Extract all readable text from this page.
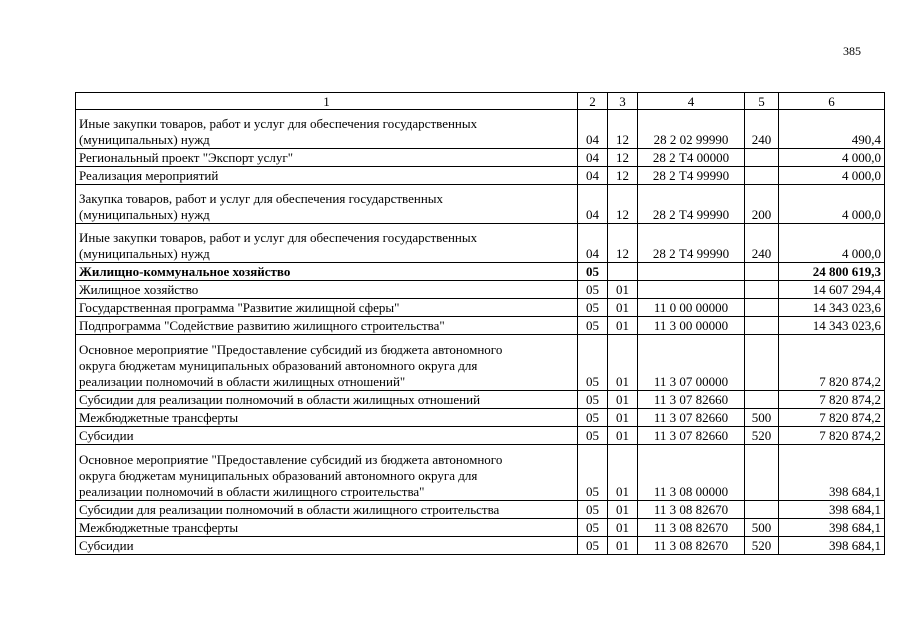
385
1	2	3	4	5	6
Иные закупки товаров, работ и услуг для обеспечения государственных
(муниципальных) нужд	04	12	28 2 02 99990	240	490,4
Региональный проект "Экспорт услуг"	04	12	28 2 Т4 00000		4 000,0
Реализация мероприятий	04	12	28 2 Т4 99990		4 000,0
Закупка товаров, работ и услуг для обеспечения государственных
(муниципальных) нужд	04	12	28 2 Т4 99990	200	4 000,0
Иные закупки товаров, работ и услуг для обеспечения государственных
(муниципальных) нужд	04	12	28 2 Т4 99990	240	4 000,0
Жилищно-коммунальное хозяйство	05				24 800 619,3
Жилищное хозяйство	05	01			14 607 294,4
Государственная программа "Развитие жилищной сферы"	05	01	11 0 00 00000		14 343 023,6
Подпрограмма "Содействие развитию жилищного строительства"	05	01	11 3 00 00000		14 343 023,6
Основное мероприятие "Предоставление субсидий из бюджета автономного
округа бюджетам муниципальных образований автономного округа для
реализации полномочий в области жилищных отношений"	05	01	11 3 07 00000		7 820 874,2
Субсидии для реализации полномочий в области жилищных отношений	05	01	11 3 07 82660		7 820 874,2
Межбюджетные трансферты	05	01	11 3 07 82660	500	7 820 874,2
Субсидии	05	01	11 3 07 82660	520	7 820 874,2
Основное мероприятие "Предоставление субсидий из бюджета автономного
округа бюджетам муниципальных образований автономного округа для
реализации полномочий в области жилищного строительства"	05	01	11 3 08 00000		398 684,1
Субсидии для реализации полномочий в области жилищного строительства	05	01	11 3 08 82670		398 684,1
Межбюджетные трансферты	05	01	11 3 08 82670	500	398 684,1
Субсидии	05	01	11 3 08 82670	520	398 684,1
